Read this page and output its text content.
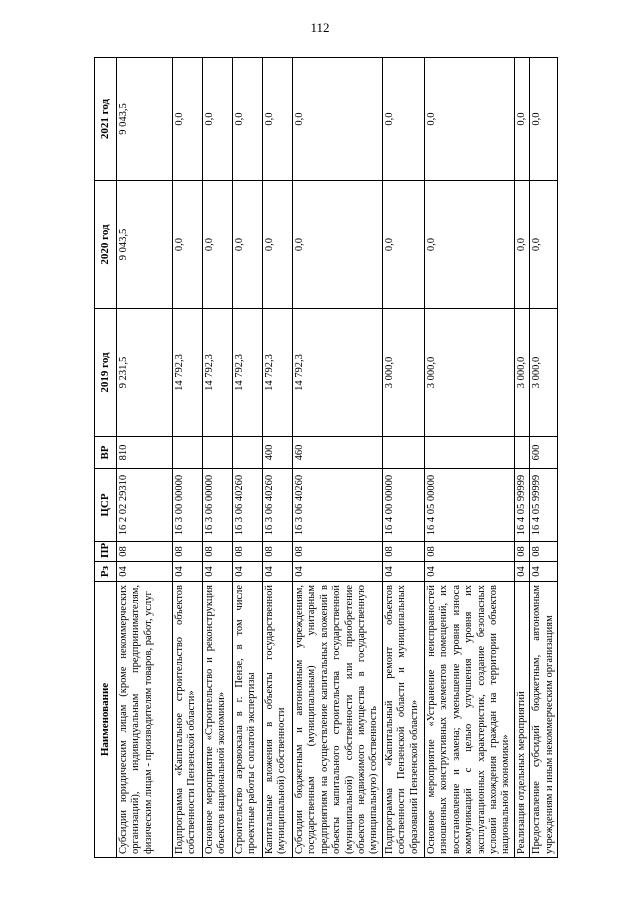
112
Наименование	Рз	ПР	ЦСР	ВР	2019 год	2020 год	2021 год
Субсидии юридическим лицам (кроме некоммерческих организаций), индивидуальным предпринимателям, физическим лицам - производителям товаров, работ, услуг	04	08	16 2 02 29310	810	9 231,5	9 043,5	9 043,5
Подпрограмма «Капитальное строительство объектов собственности Пензенской области»	04	08	16 3 00 00000		14 792,3	0,0	0,0
Основное мероприятие «Строительство и реконструкция объектов национальной экономики»	04	08	16 3 06 00000		14 792,3	0,0	0,0
Строительство аэровокзала в г. Пензе, в том числе проектные работы с оплатой экспертизы	04	08	16 3 06 40260		14 792,3	0,0	0,0
Капитальные вложения в объекты государственной (муниципальной) собственности	04	08	16 3 06 40260	400	14 792,3	0,0	0,0
Субсидии бюджетным и автономным учреждениям, государственным (муниципальным) унитарным предприятиям на осуществление капитальных вложений в объекты капитального строительства государственной (муниципальной) собственности или приобретение объектов недвижимого имущества в государственную (муниципальную) собственность	04	08	16 3 06 40260	460	14 792,3	0,0	0,0
Подпрограмма «Капитальный ремонт объектов собственности Пензенской области и муниципальных образований Пензенской области»	04	08	16 4 00 00000		3 000,0	0,0	0,0
Основное мероприятие «Устранение неисправностей изношенных конструктивных элементов помещений, их восстановление и замена; уменьшение уровня износа коммуникаций с целью улучшения уровня их эксплуатационных характеристик, создание безопасных условий нахождения граждан на территории объектов национальной экономики»	04	08	16 4 05 00000		3 000,0	0,0	0,0
Реализация отдельных мероприятий	04	08	16 4 05 99999		3 000,0	0,0	0,0
Предоставление субсидий бюджетным, автономным учреждениям и иным некоммерческим организациям	04	08	16 4 05 99999	600	3 000,0	0,0	0,0
